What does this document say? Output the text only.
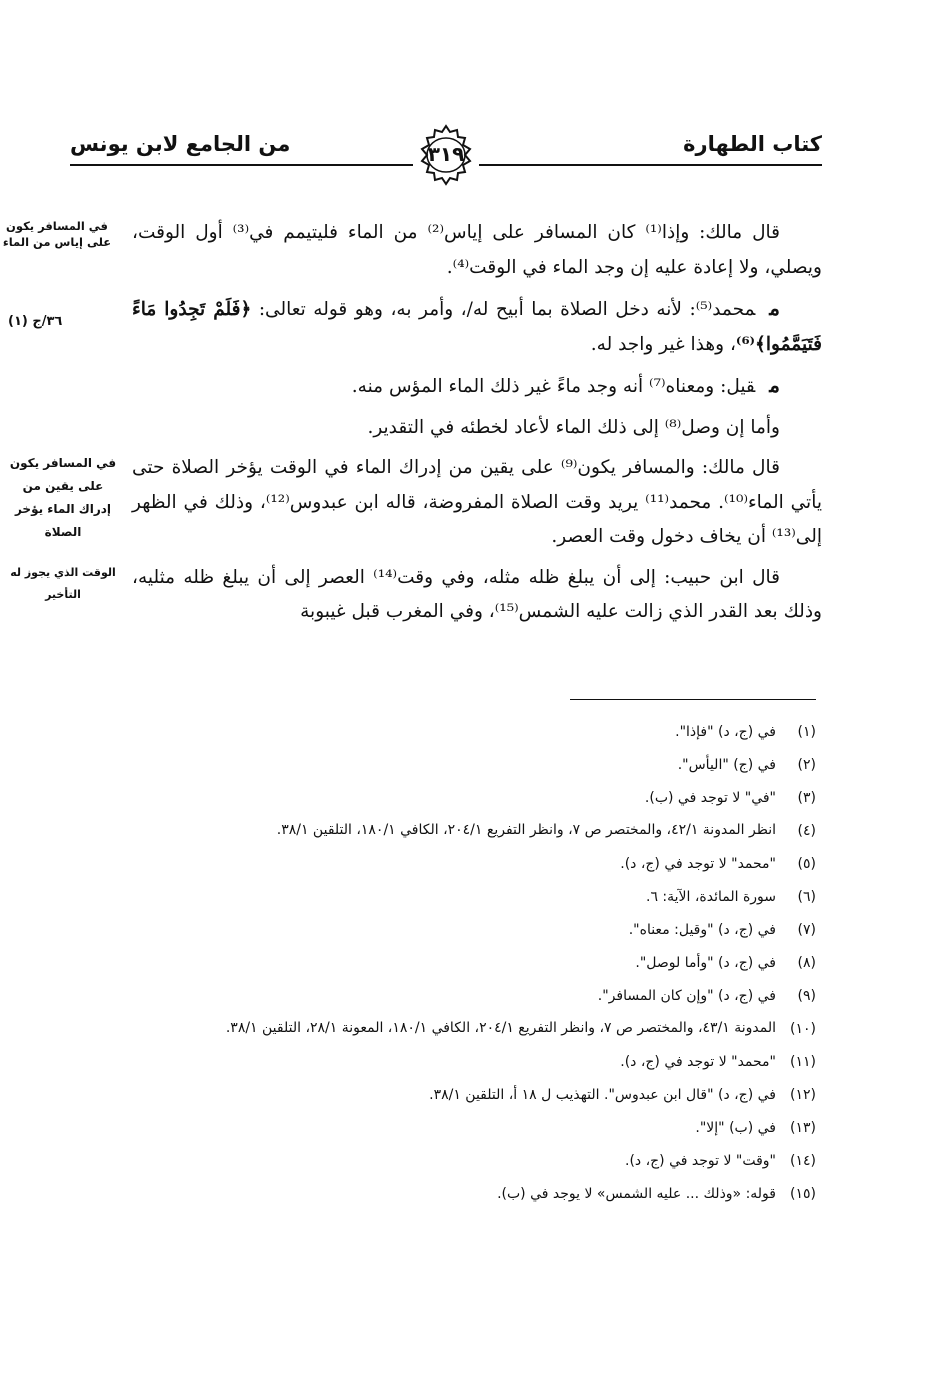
كتاب الطهارة
من الجامع لابن يونس	٣١٩
في المسافر يكون على إياس من الماء
(١) ٣٦/ج
في المسافر يكون على يقين من إدراك الماء يؤخر الصلاة
الوقت الذي يجوز له التأخير

قال مالك: وإذا⁽¹⁾ كان المسافر على إياس⁽²⁾ من الماء فليتيمم في⁽³⁾ أول الوقت، ويصلي، ولا إعادة عليه إن وجد الماء في الوقت⁽⁴⁾.

ممحمد⁽⁵⁾: لأنه دخل الصلاة بما أبيح له/، وأمر به، وهو قوله تعالى: ﴿فَلَمْ تَجِدُوا مَاءً فَتَيَمَّمُوا﴾⁽⁶⁾، وهذا غير واجد له.

مقيل: ومعناه⁽⁷⁾ أنه وجد ماءً غير ذلك الماء المؤس منه.

وأما إن وصل⁽⁸⁾ إلى ذلك الماء لأعاد لخطئه في التقدير.

قال مالك: والمسافر يكون⁽⁹⁾ على يقين من إدراك الماء في الوقت يؤخر الصلاة حتى يأتي الماء⁽¹⁰⁾. محمد⁽¹¹⁾ يريد وقت الصلاة المفروضة، قاله ابن عبدوس⁽¹²⁾، وذلك في الظهر إلى⁽¹³⁾ أن يخاف دخول وقت العصر.

قال ابن حبيب: إلى أن يبلغ ظله مثله، وفي وقت⁽¹⁴⁾ العصر إلى أن يبلغ ظله مثليه، وذلك بعد القدر الذي زالت عليه الشمس⁽¹⁵⁾، وفي المغرب قبل غيبوبة

(١)
في (ج، د) "فإذا".
(٢)
في (ج) "اليأس".
(٣)
"في" لا توجد في (ب).
(٤)
انظر المدونة ٤٢/١، والمختصر ص ٧، وانظر التفريع ٢٠٤/١، الكافي ١٨٠/١، التلقين ٣٨/١.
(٥)
"محمد" لا توجد في (ج، د).
(٦)
سورة المائدة، الآية: ٦.
(٧)
في (ج، د) "وقيل: معناه".
(٨)
في (ج، د) "وأما لوصل".
(٩)
في (ج، د) "وإن كان المسافر".
(١٠)
المدونة ٤٣/١، والمختصر ص ٧، وانظر التفريع ٢٠٤/١، الكافي ١٨٠/١، المعونة ٢٨/١، التلقين ٣٨/١.
(١١)
"محمد" لا توجد في (ج، د).
(١٢)
في (ج، د) "قال ابن عبدوس". التهذيب ل ١٨ أ، التلقين ٣٨/١.
(١٣)
في (ب) "إلا".
(١٤)
"وقت" لا توجد في (ج، د).
(١٥)
قوله: «وذلك ... عليه الشمس» لا يوجد في (ب).
